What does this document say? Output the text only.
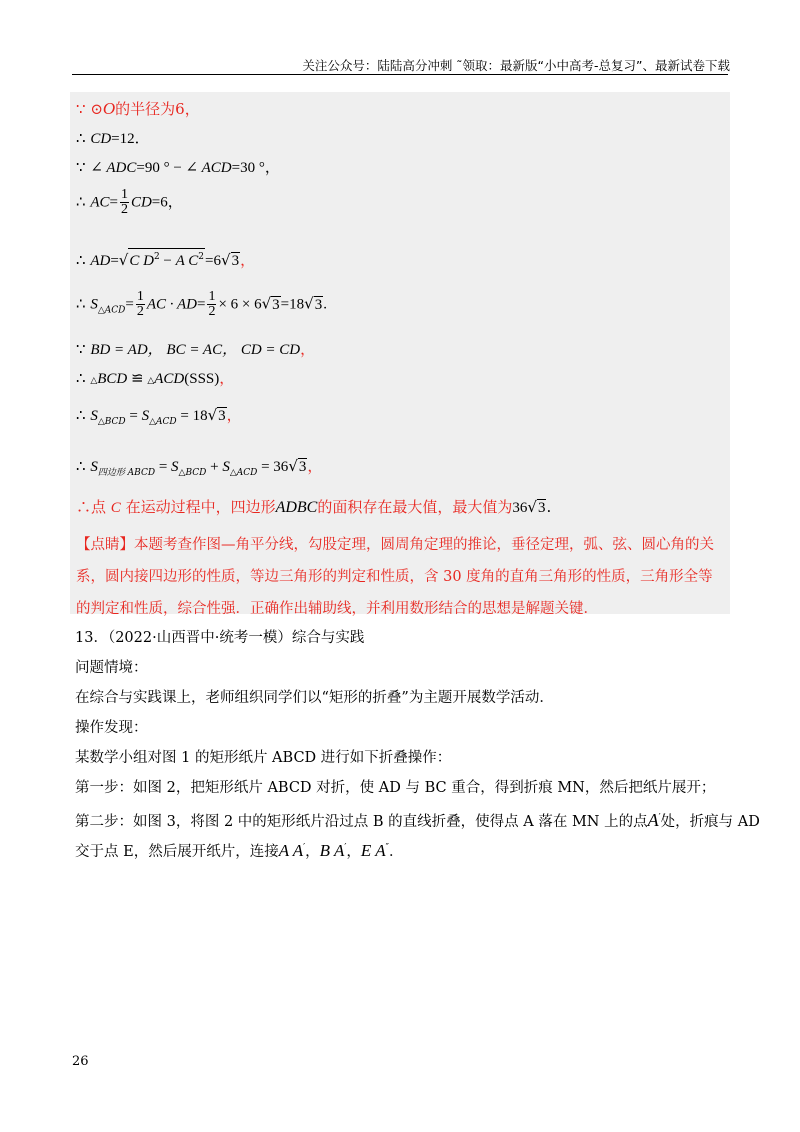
关注公众号：陆陆高分冲刺 ˜领取：最新版“小中高考-总复习”、最新试卷下载
∵ ⊙O的半径为6，
∴ CD=12．
∵ ∠ ADC=90 ° − ∠ ACD=30 °，
∴ $AC= \frac{1}{2} CD=6$，
∴ AD=√C $D^2 - A$ $C^2=6√3$，
∴ $S_{\triangle ACD}= \frac{1}{2}$ AC · $AD= \frac{1}{2} \times 6 \times 6√3=18√3$.
∵ BD = AD， BC = AC， CD = CD，
∴ △BCD ≌ △ACD(SSS)，
∴ $S_{\triangle BCD} = S_{\triangle ACD} = 18√3$，
∴ $S_{四边形 ABCD} = S_{\triangle BCD} + S_{\triangle ACD} = 36√3$，
∴点 C 在运动过程中，四边形ADBC的面积存在最大值，最大值为36√3.
【点睛】本题考查作图—角平分线，勾股定理，圆周角定理的推论，垂径定理，弧、弦、圆心角的关系，圆内接四边形的性质，等边三角形的判定和性质，含 30 度角的直角三角形的性质，三角形全等的判定和性质，综合性强．正确作出辅助线，并利用数形结合的思想是解题关键．
13．（2022·山西晋中·统考一模）综合与实践
问题情境：
在综合与实践课上，老师组织同学们以“矩形的折叠”为主题开展数学活动．
操作发现：
某数学小组对图 1 的矩形纸片 ABCD 进行如下折叠操作：
第一步：如图 2，把矩形纸片 ABCD 对折，使 AD 与 BC 重合，得到折痕 MN，然后把纸片展开；
第二步：如图 3，将图 2 中的矩形纸片沿过点 B 的直线折叠，使得点 A 落在 MN 上的点A′处，折痕与 AD
交于点 E，然后展开纸片，连接A A′，B A′，E A″．
26
